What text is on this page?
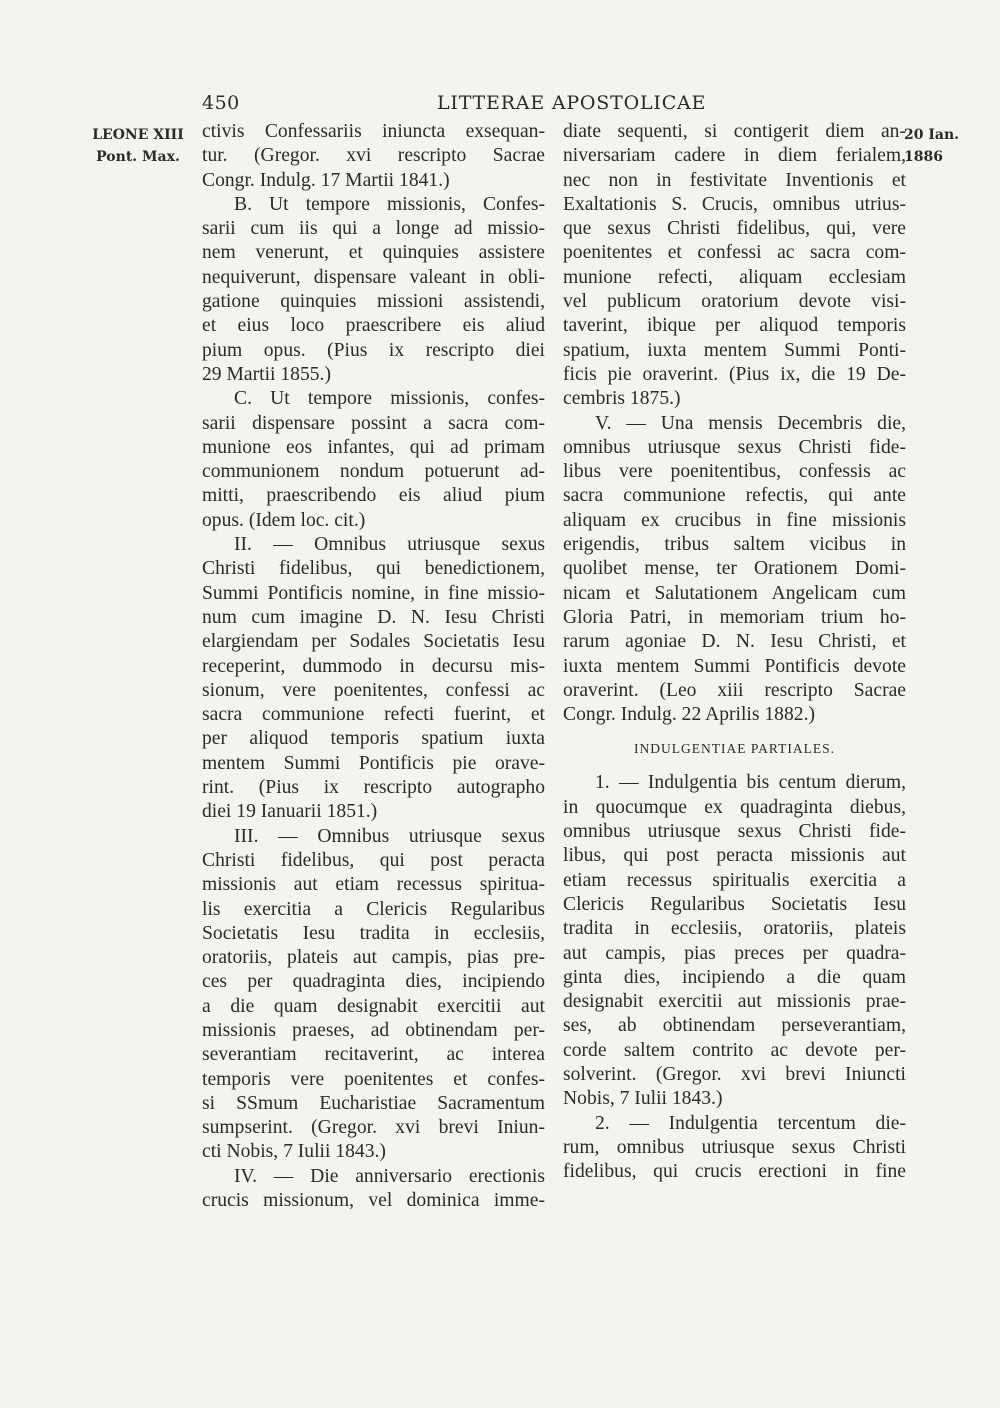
450	LITTERAE APOSTOLICAE
LEONE XIII
Pont. Max.
20 Ian. 1886
ctivis Confessariis iniuncta exsequan-
tur. (Gregor. xvi rescripto Sacrae
Congr. Indulg. 17 Martii 1841.)
B. Ut tempore missionis, Confes-
sarii cum iis qui a longe ad missio-
nem venerunt, et quinquies assistere
nequiverunt, dispensare valeant in obli-
gatione quinquies missioni assistendi,
et eius loco praescribere eis aliud
pium opus. (Pius ix rescripto diei
29 Martii 1855.)
C. Ut tempore missionis, confes-
sarii dispensare possint a sacra com-
munione eos infantes, qui ad primam
communionem nondum potuerunt ad-
mitti, praescribendo eis aliud pium
opus. (Idem loc. cit.)
II. — Omnibus utriusque sexus
Christi fidelibus, qui benedictionem,
Summi Pontificis nomine, in fine missio-
num cum imagine D. N. Iesu Christi
elargiendam per Sodales Societatis Iesu
receperint, dummodo in decursu mis-
sionum, vere poenitentes, confessi ac
sacra communione refecti fuerint, et
per aliquod temporis spatium iuxta
mentem Summi Pontificis pie orave-
rint. (Pius ix rescripto autographo
diei 19 Ianuarii 1851.)
III. — Omnibus utriusque sexus
Christi fidelibus, qui post peracta
missionis aut etiam recessus spiritua-
lis exercitia a Clericis Regularibus
Societatis Iesu tradita in ecclesiis,
oratoriis, plateis aut campis, pias pre-
ces per quadraginta dies, incipiendo
a die quam designabit exercitii aut
missionis praeses, ad obtinendam per-
severantiam recitaverint, ac interea
temporis vere poenitentes et confes-
si SSmum Eucharistiae Sacramentum
sumpserint. (Gregor. xvi brevi Iniun-
cti Nobis, 7 Iulii 1843.)
IV. — Die anniversario erectionis
crucis missionum, vel dominica imme-
diate sequenti, si contigerit diem an-
niversariam cadere in diem ferialem,
nec non in festivitate Inventionis et
Exaltationis S. Crucis, omnibus utrius-
que sexus Christi fidelibus, qui, vere
poenitentes et confessi ac sacra com-
munione refecti, aliquam ecclesiam
vel publicum oratorium devote visi-
taverint, ibique per aliquod temporis
spatium, iuxta mentem Summi Ponti-
ficis pie oraverint. (Pius ix, die 19 De-
cembris 1875.)
V. — Una mensis Decembris die,
omnibus utriusque sexus Christi fide-
libus vere poenitentibus, confessis ac
sacra communione refectis, qui ante
aliquam ex crucibus in fine missionis
erigendis, tribus saltem vicibus in
quolibet mense, ter Orationem Domi-
nicam et Salutationem Angelicam cum
Gloria Patri, in memoriam trium ho-
rarum agoniae D. N. Iesu Christi, et
iuxta mentem Summi Pontificis devote
oraverint. (Leo xiii rescripto Sacrae
Congr. Indulg. 22 Aprilis 1882.)
INDULGENTIAE PARTIALES.
1. — Indulgentia bis centum dierum,
in quocumque ex quadraginta diebus,
omnibus utriusque sexus Christi fide-
libus, qui post peracta missionis aut
etiam recessus spiritualis exercitia a
Clericis Regularibus Societatis Iesu
tradita in ecclesiis, oratoriis, plateis
aut campis, pias preces per quadra-
ginta dies, incipiendo a die quam
designabit exercitii aut missionis prae-
ses, ab obtinendam perseverantiam,
corde saltem contrito ac devote per-
solverint. (Gregor. xvi brevi Iniuncti
Nobis, 7 Iulii 1843.)
2. — Indulgentia tercentum die-
rum, omnibus utriusque sexus Christi
fidelibus, qui crucis erectioni in fine
